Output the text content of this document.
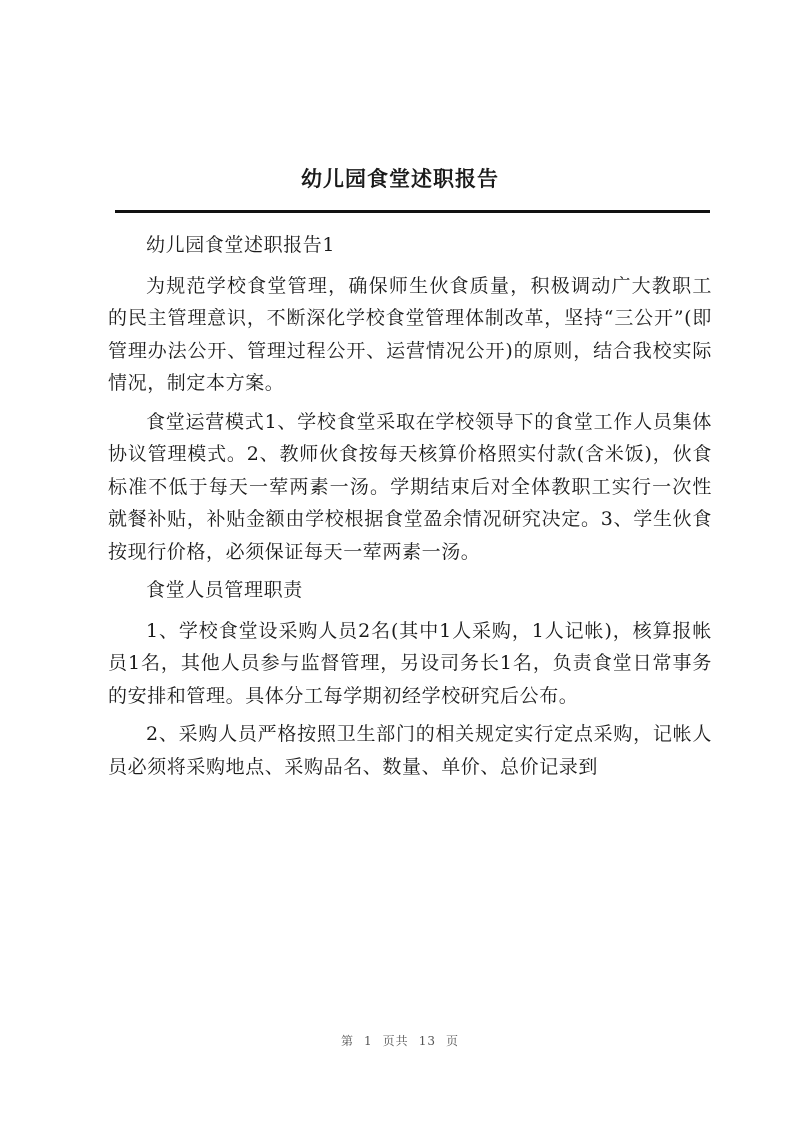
幼儿园食堂述职报告

幼儿园食堂述职报告1

为规范学校食堂管理，确保师生伙食质量，积极调动广大教职工的民主管理意识，不断深化学校食堂管理体制改革，坚持“三公开”(即管理办法公开、管理过程公开、运营情况公开)的原则，结合我校实际情况，制定本方案。

食堂运营模式1、学校食堂采取在学校领导下的食堂工作人员集体协议管理模式。2、教师伙食按每天核算价格照实付款(含米饭)，伙食标准不低于每天一荤两素一汤。学期结束后对全体教职工实行一次性就餐补贴，补贴金额由学校根据食堂盈余情况研究决定。3、学生伙食按现行价格，必须保证每天一荤两素一汤。

食堂人员管理职责

1、学校食堂设采购人员2名(其中1人采购，1人记帐)，核算报帐员1名，其他人员参与监督管理，另设司务长1名，负责食堂日常事务的安排和管理。具体分工每学期初经学校研究后公布。

2、采购人员严格按照卫生部门的相关规定实行定点采购，记帐人员必须将采购地点、采购品名、数量、单价、总价记录到

第 1 页共 13 页
